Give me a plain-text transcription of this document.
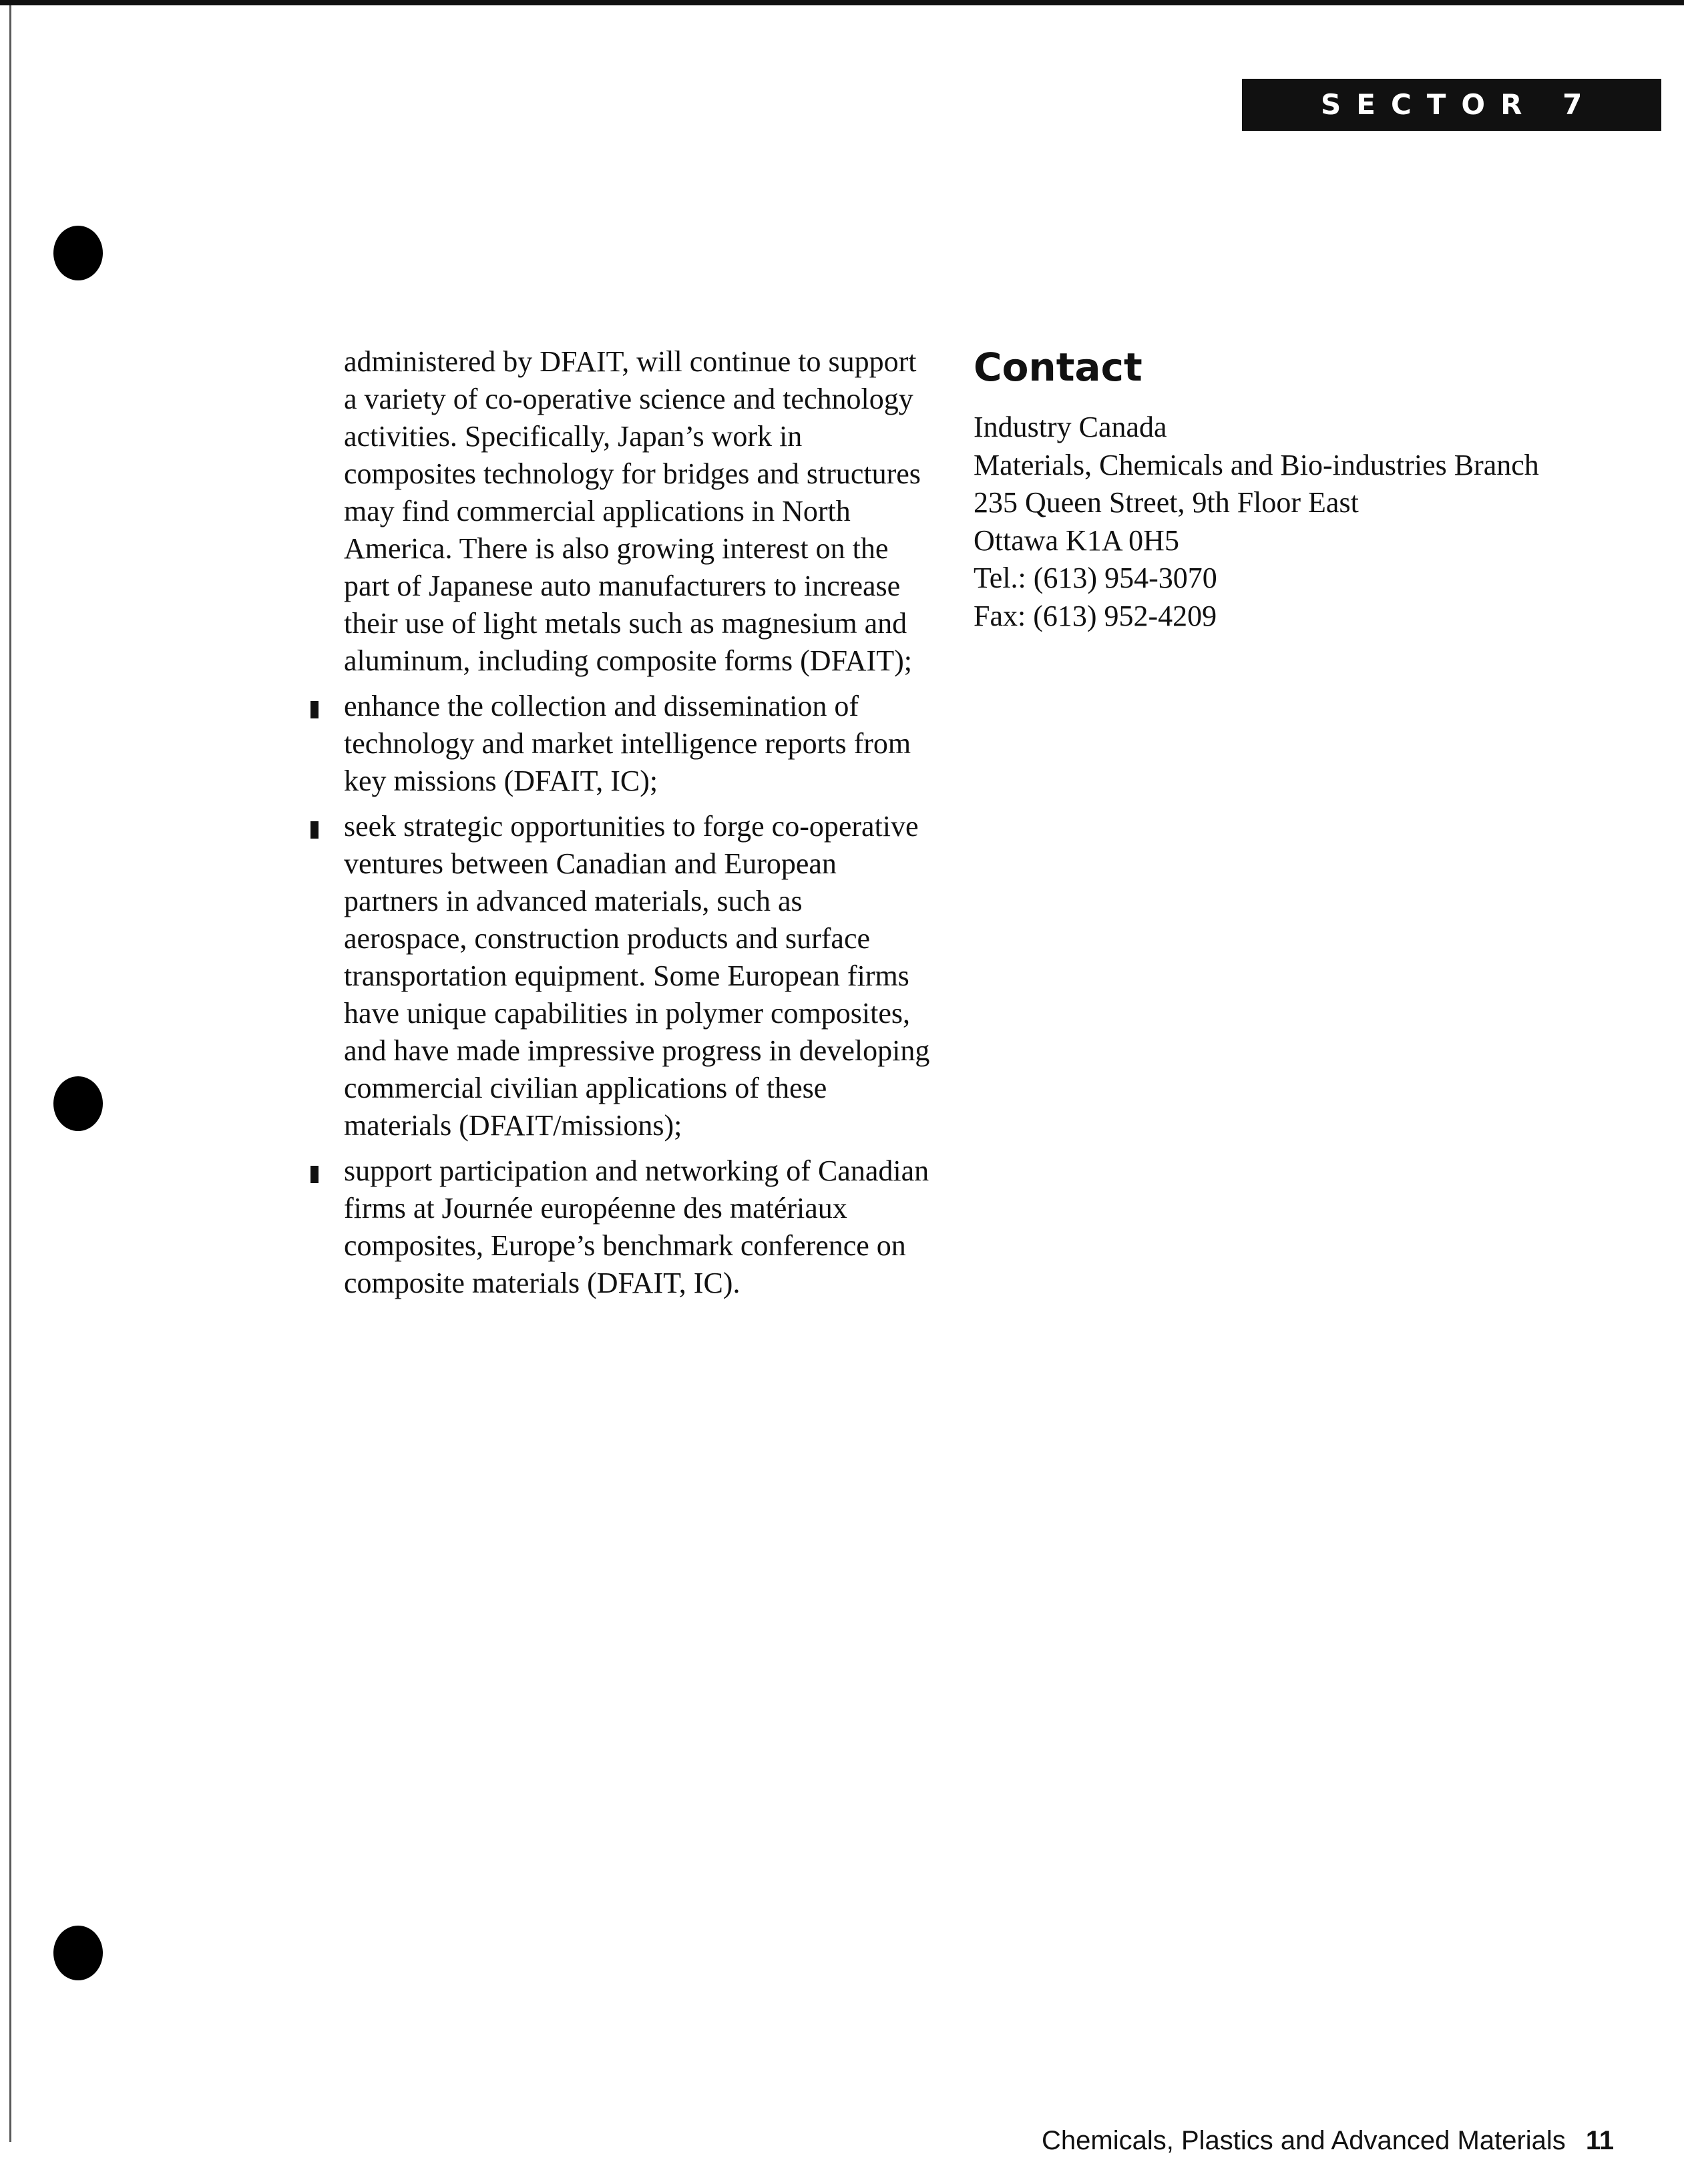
SECTOR 7

administered by DFAIT, will continue to support a variety of co-operative science and technology activities. Specifically, Japan’s work in composites technology for bridges and structures may find commercial applications in North America. There is also growing interest on the part of Japanese auto manufacturers to increase their use of light metals such as magnesium and aluminum, including composite forms (DFAIT);

enhance the collection and dissemination of technology and market intelligence reports from key missions (DFAIT, IC);
seek strategic opportunities to forge co-operative ventures between Canadian and European partners in advanced materials, such as aerospace, construction products and surface transportation equipment. Some European firms have unique capabilities in polymer composites, and have made impressive progress in developing commercial civilian applications of these materials (DFAIT/missions);
support participation and networking of Canadian firms at Journée européenne des matériaux composites, Europe’s benchmark conference on composite materials (DFAIT, IC).
Contact
Industry Canada
Materials, Chemicals and Bio-industries Branch
235 Queen Street, 9th Floor East
Ottawa K1A 0H5
Tel.: (613) 954-3070
Fax: (613) 952-4209
Chemicals, Plastics and Advanced Materials 11
